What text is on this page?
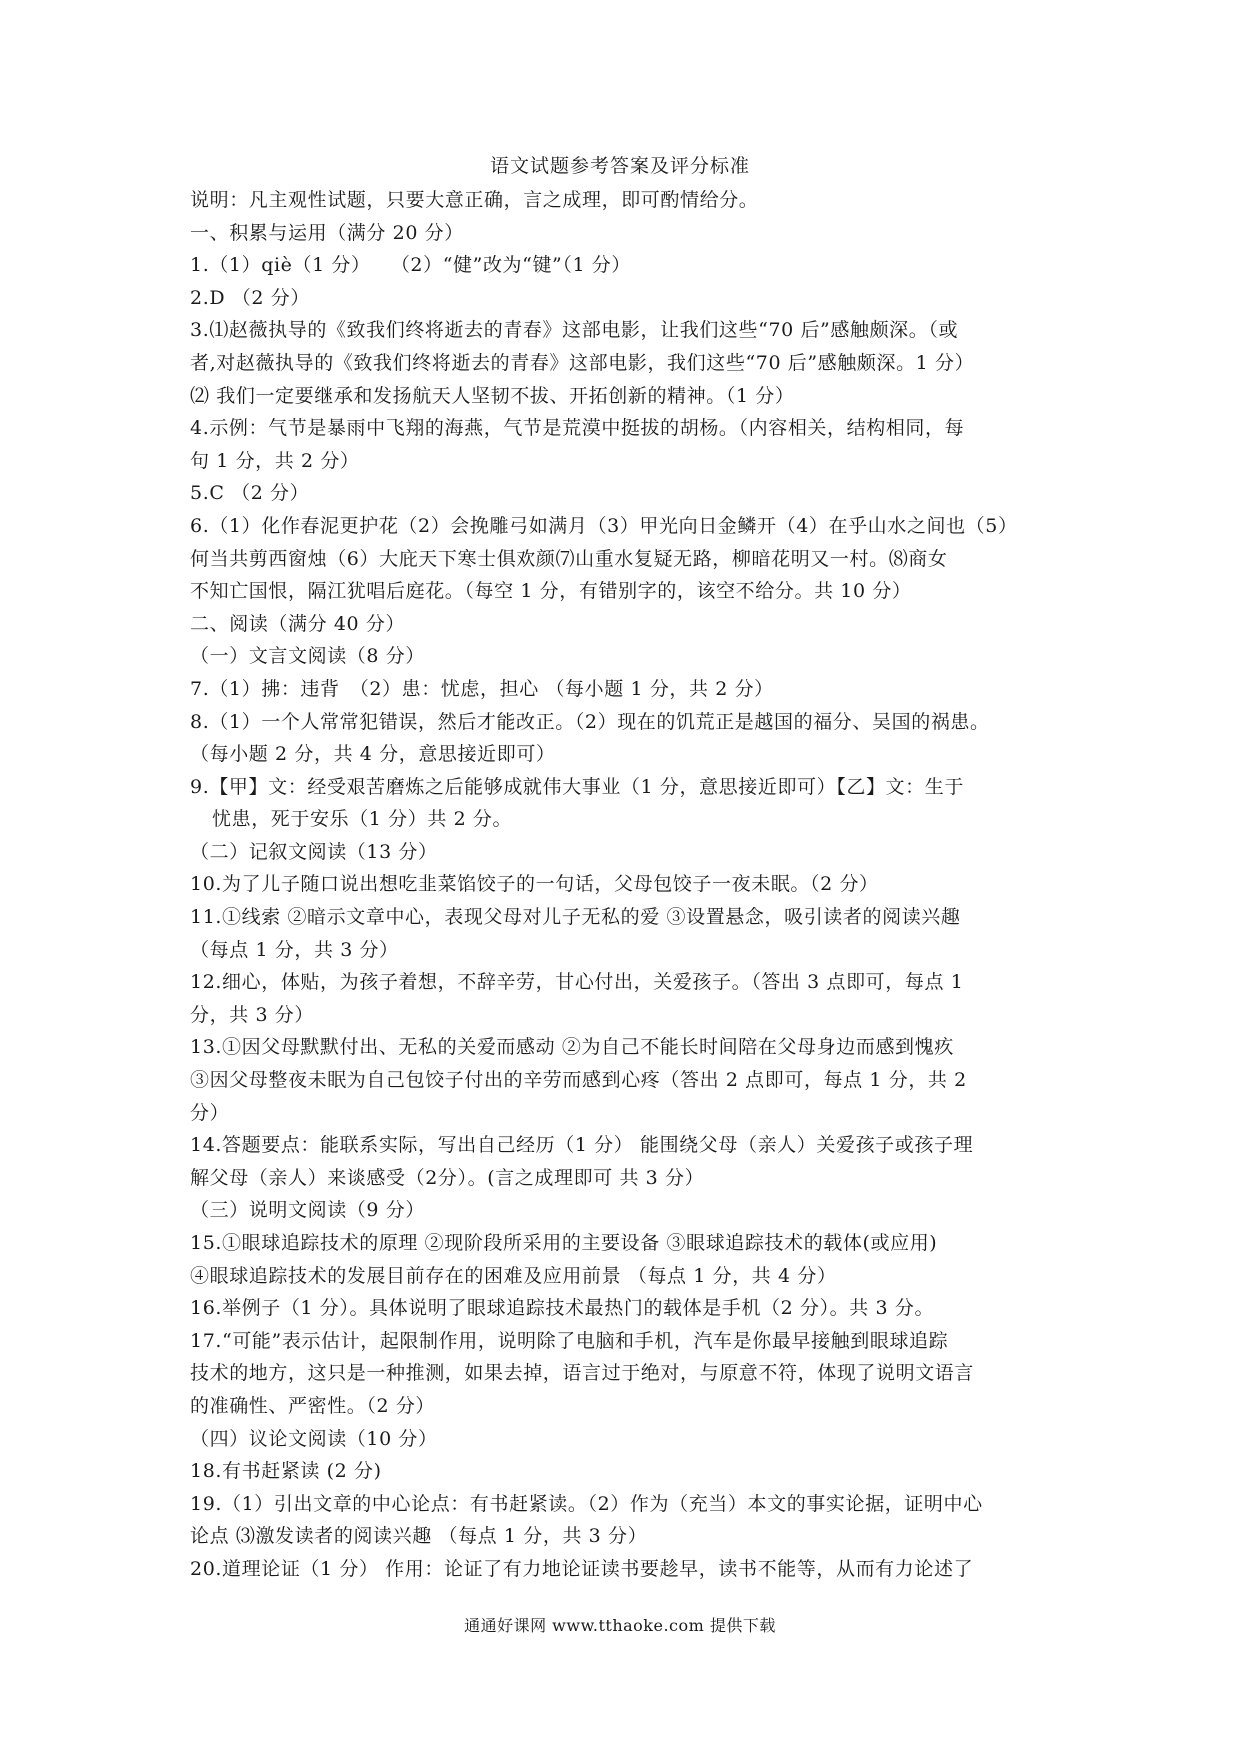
语文试题参考答案及评分标准
说明：凡主观性试题，只要大意正确，言之成理，即可酌情给分。
一、积累与运用（满分 20 分）
1.（1）qiè（1 分）　　（2）“健”改为“键”（1 分）
2.D （2 分）
3.⑴赵薇执导的《致我们终将逝去的青春》这部电影，让我们这些“70 后”感触颇深。（或
者,对赵薇执导的《致我们终将逝去的青春》这部电影，我们这些“70 后”感触颇深。1 分）
⑵ 我们一定要继承和发扬航天人坚韧不拔、开拓创新的精神。（1 分）
4.示例：气节是暴雨中飞翔的海燕，气节是荒漠中挺拔的胡杨。（内容相关，结构相同，每
句 1 分，共 2 分）
5.C （2 分）
6.（1）化作春泥更护花（2）会挽雕弓如满月（3）甲光向日金鳞开（4）在乎山水之间也（5）
何当共剪西窗烛（6）大庇天下寒士俱欢颜⑺山重水复疑无路，柳暗花明又一村。⑻商女
不知亡国恨，隔江犹唱后庭花。（每空 1 分，有错别字的，该空不给分。共 10 分）
二、阅读（满分 40 分）
（一）文言文阅读（8 分）
7.（1）拂：违背　（2）患：忧虑，担心 （每小题 1 分，共 2 分）
8.（1）一个人常常犯错误，然后才能改正。（2）现在的饥荒正是越国的福分、吴国的祸患。
（每小题 2 分，共 4 分，意思接近即可）
9.【甲】文：经受艰苦磨炼之后能够成就伟大事业（1 分，意思接近即可）【乙】文：生于
忧患，死于安乐（1 分）共 2 分。
（二）记叙文阅读（13 分）
10.为了儿子随口说出想吃韭菜馅饺子的一句话，父母包饺子一夜未眠。（2 分）
11.①线索 ②暗示文章中心，表现父母对儿子无私的爱 ③设置悬念，吸引读者的阅读兴趣
（每点 1 分，共 3 分）
12.细心，体贴，为孩子着想，不辞辛劳，甘心付出，关爱孩子。（答出 3 点即可，每点 1
分，共 3 分）
13.①因父母默默付出、无私的关爱而感动 ②为自己不能长时间陪在父母身边而感到愧疚
③因父母整夜未眠为自己包饺子付出的辛劳而感到心疼（答出 2 点即可，每点 1 分，共 2
分）
14.答题要点：能联系实际，写出自己经历（1 分） 能围绕父母（亲人）关爱孩子或孩子理
解父母（亲人）来谈感受（2分）。(言之成理即可 共 3 分）
（三）说明文阅读（9 分）
15.①眼球追踪技术的原理 ②现阶段所采用的主要设备 ③眼球追踪技术的载体(或应用)
④眼球追踪技术的发展目前存在的困难及应用前景 （每点 1 分，共 4 分）
16.举例子（1 分）。具体说明了眼球追踪技术最热门的载体是手机（2 分）。共 3 分。
17.“可能”表示估计，起限制作用，说明除了电脑和手机，汽车是你最早接触到眼球追踪
技术的地方，这只是一种推测，如果去掉，语言过于绝对，与原意不符，体现了说明文语言
的准确性、严密性。（2 分）
（四）议论文阅读（10 分）
18.有书赶紧读 (2 分)
19.（1）引出文章的中心论点：有书赶紧读。（2）作为（充当）本文的事实论据，证明中心
论点 ⑶激发读者的阅读兴趣 （每点 1 分，共 3 分）
20.道理论证（1 分） 作用：论证了有力地论证读书要趁早，读书不能等，从而有力论述了
通通好课网 www.tthaoke.com 提供下载
